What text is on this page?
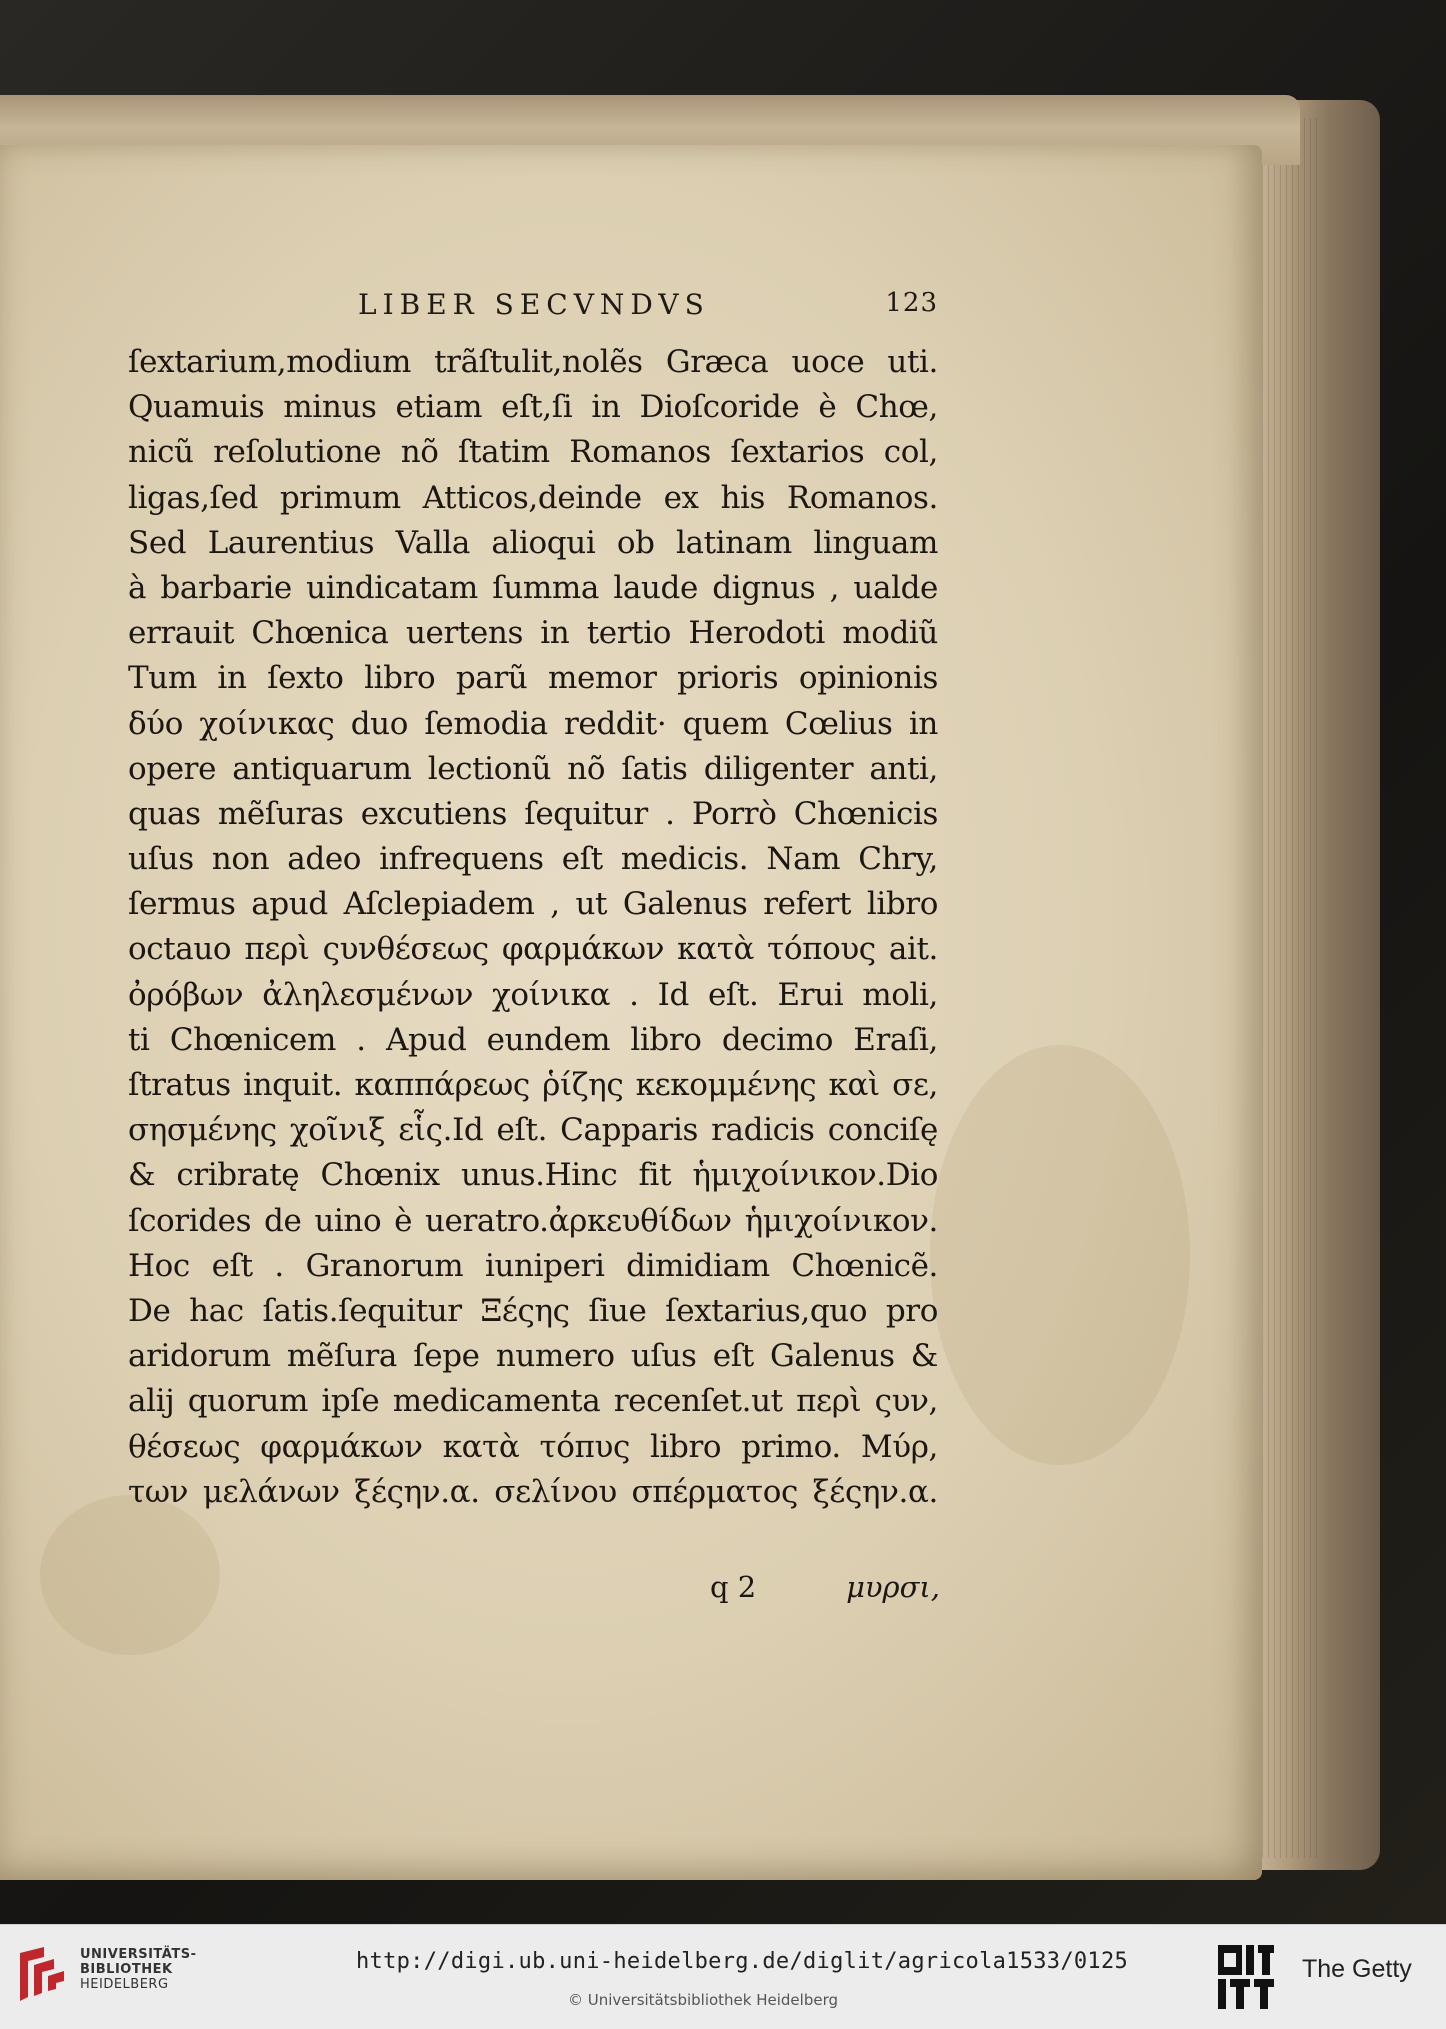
LIBER SECVNDVS	123
ſextarium,modium trãſtulit,nolẽs Græca uoce uti.
Quamuis minus etiam eſt,ſi in Dioſcoride è Chœ,
nicũ reſolutione nõ ſtatim Romanos ſextarios col,
ligas,ſed primum Atticos,deinde ex his Romanos.
Sed Laurentius Valla alioqui ob latinam linguam
à barbarie uindicatam ſumma laude dignus , ualde
errauit Chœnica uertens in tertio Herodoti modiũ
Tum in ſexto libro parũ memor prioris opinionis
δύο χοίνικας duo ſemodia reddit· quem Cœlius in
opere antiquarum lectionũ nõ ſatis diligenter anti,
quas mẽſuras excutiens ſequitur . Porrò Chœnicis
uſus non adeo infrequens eſt medicis. Nam Chry,
ſermus apud Aſclepiadem , ut Galenus refert libro
octauo περὶ ςυνθέσεως φαρμάκων κατὰ τόπους ait.
ὀρόβων ἀληλεσμένων χοίνικα . Id eſt. Erui moli,
ti Chœnicem . Apud eundem libro decimo Eraſi,
ſtratus inquit. καππάρεως ῥίζης κεκομμένης καὶ σε,
σησμένης χοῖνιξ εἷς.Id eſt. Capparis radicis conciſę
& cribratę Chœnix unus.Hinc fit ἡμιχοίνικον.Dio
ſcorides de uino è ueratro.ἀρκευθίδων ἡμιχοίνικον.
Hoc eſt . Granorum iuniperi dimidiam Chœnicẽ.
De hac ſatis.ſequitur Ξέςης ſiue ſextarius,quo pro
aridorum mẽſura ſepe numero uſus eſt Galenus &
alij quorum ipſe medicamenta recenſet.ut περὶ ςυν,
θέσεως φαρμάκων κατὰ τόπυς libro primo. Μύρ,
των μελάνων ξέςην.α. σελίνου σπέρματος ξέςην.α.
q 2	μυρσι,
UNIVERSITÄTS-
BIBLIOTHEK
HEIDELBERG
http://digi.ub.uni-heidelberg.de/diglit/agricola1533/0125
© Universitätsbibliothek Heidelberg
The Getty
